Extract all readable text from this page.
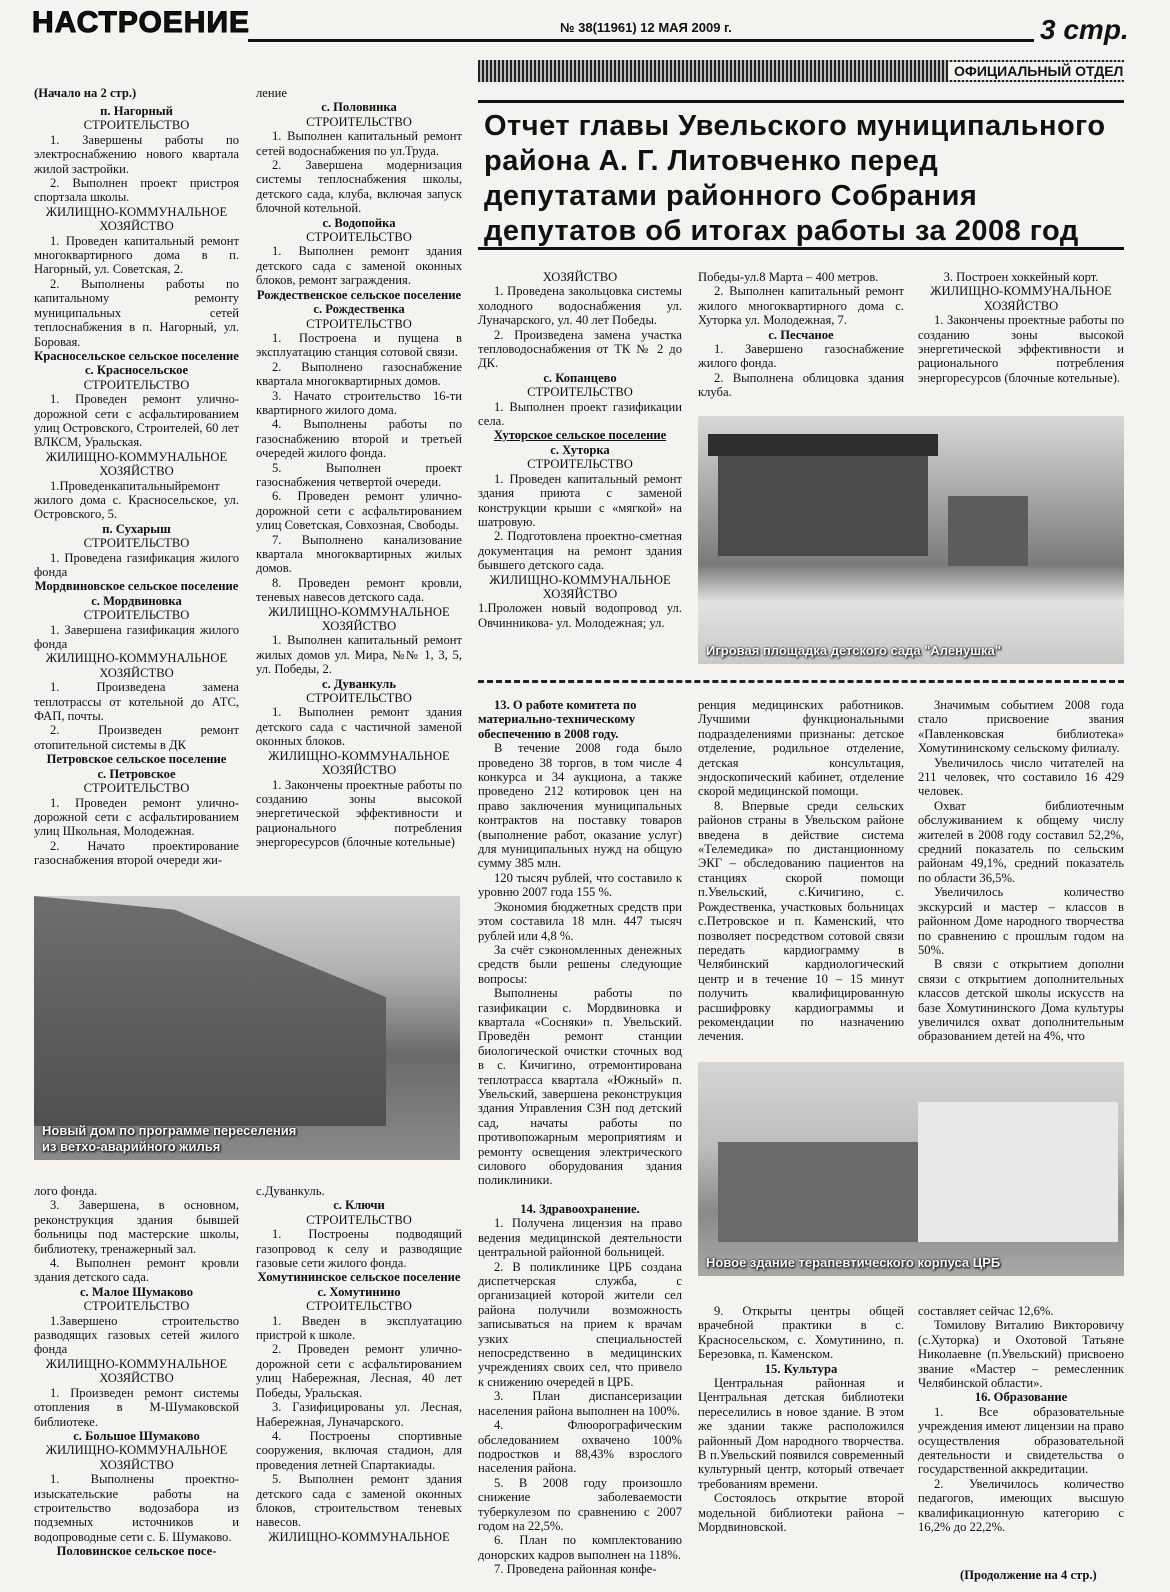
НАСТРОЕНИЕ	№ 38(11961) 12 МАЯ 2009 г.	3 стр.
ОФИЦИАЛЬНЫЙ ОТДЕЛ
Отчет главы Увельского муниципального района А. Г. Литовченко перед депутатами районного Собрания депутатов об итогах работы за 2008 год
(Начало на 2 стр.)

п. Нагорный

СТРОИТЕЛЬСТВО

1. Завершены работы по электроснабжению нового квартала жилой застройки.

2. Выполнен проект пристроя спортзала школы.

ЖИЛИЩНО-КОММУНАЛЬНОЕ ХОЗЯЙСТВО

1. Проведен капитальный ремонт многоквартирного дома в п. Нагорный, ул. Советская, 2.

2. Выполнены работы по капитальному ремонту муниципальных сетей теплоснабжения в п. Нагорный, ул. Боровая.

Красносельское сельское поселение

с. Красносельское

СТРОИТЕЛЬСТВО

1. Проведен ремонт улично-дорожной сети с асфальтированием улиц Островского, Строителей, 60 лет ВЛКСМ, Уральская.

ЖИЛИЩНО-КОММУНАЛЬНОЕ ХОЗЯЙСТВО

1.Проведенкапитальныйремонт жилого дома с. Красносельское, ул. Островского, 5.

п. Сухарыш

СТРОИТЕЛЬСТВО

1. Проведена газификация жилого фонда

Мордвиновское сельское поселение

с. Мордвиновка

СТРОИТЕЛЬСТВО

1. Завершена газификация жилого фонда

ЖИЛИЩНО-КОММУНАЛЬНОЕ ХОЗЯЙСТВО

1. Произведена замена теплотрассы от котельной до АТС, ФАП, почты.

2. Произведен ремонт отопительной системы в ДК

Петровское сельское поселение

с. Петровское

СТРОИТЕЛЬСТВО

1. Проведен ремонт улично-дорожной сети с асфальтированием улиц Школьная, Молодежная.

2. Начато проектирование газоснабжения второй очереди жи-

ление

с. Половинка

СТРОИТЕЛЬСТВО

1. Выполнен капитальный ремонт сетей водоснабжения по ул.Труда.

2. Завершена модернизация системы теплоснабжения школы, детского сада, клуба, включая запуск блочной котельной.

с. Водопойка

СТРОИТЕЛЬСТВО

1. Выполнен ремонт здания детского сада с заменой оконных блоков, ремонт заграждения.

Рождественское сельское поселение

с. Рождественка

СТРОИТЕЛЬСТВО

1. Построена и пущена в эксплуатацию станция сотовой связи.

2. Выполнено газоснабжение квартала многоквартирных домов.

3. Начато строительство 16-ти квартирного жилого дома.

4. Выполнены работы по газоснабжению второй и третьей очередей жилого фонда.

5. Выполнен проект газоснабжения четвертой очереди.

6. Проведен ремонт улично-дорожной сети с асфальтированием улиц Советская, Совхозная, Свободы.

7. Выполнено канализование квартала многоквартирных жилых домов.

8. Проведен ремонт кровли, теневых навесов детского сада.

ЖИЛИЩНО-КОММУНАЛЬНОЕ ХОЗЯЙСТВО

1. Выполнен капитальный ремонт жилых домов ул. Мира, №№ 1, 3, 5, ул. Победы, 2.

с. Дуванкуль

СТРОИТЕЛЬСТВО

1. Выполнен ремонт здания детского сада с частичной заменой оконных блоков.

ЖИЛИЩНО-КОММУНАЛЬНОЕ ХОЗЯЙСТВО

1. Закончены проектные работы по созданию зоны высокой энергетической эффективности и рационального потребления энергоресурсов (блочные котельные)

ХОЗЯЙСТВО

1. Проведена закольцовка системы холодного водоснабжения ул. Луначарского, ул. 40 лет Победы.

2. Произведена замена участка тепловодоснабжения от ТК № 2 до ДК.

с. Копанцево

СТРОИТЕЛЬСТВО

1. Выполнен проект газификации села.

Хуторское сельское поселение

с. Хуторка

СТРОИТЕЛЬСТВО

1. Проведен капитальный ремонт здания приюта с заменой конструкции крыши с «мягкой» на шатровую.

2. Подготовлена проектно-сметная документация на ремонт здания бывшего детского сада.

ЖИЛИЩНО-КОММУНАЛЬНОЕ ХОЗЯЙСТВО

1.Проложен новый водопровод ул. Овчинникова- ул. Молодежная; ул.

Победы-ул.8 Марта – 400 метров.

2. Выполнен капитальный ремонт жилого многоквартирного дома с. Хуторка ул. Молодежная, 7.

с. Песчаное

1. Завершено газоснабжение жилого фонда.

2. Выполнена облицовка здания клуба.

3. Построен хоккейный корт.

ЖИЛИЩНО-КОММУНАЛЬНОЕ ХОЗЯЙСТВО

1. Закончены проектные работы по созданию зоны высокой энергетической эффективности и рационального потребления энергоресурсов (блочные котельные).

Игровая площадка детского сада "Аленушка"

13. О работе комитета по материально-техническому обеспечению в 2008 году.

В течение 2008 года было проведено 38 торгов, в том числе 4 конкурса и 34 аукциона, а также проведено 212 котировок цен на право заключения муниципальных контрактов на поставку товаров (выполнение работ, оказание услуг) для муниципальных нужд на общую сумму 385 млн.

120 тысяч рублей, что составило к уровню 2007 года 155 %.

Экономия бюджетных средств при этом составила 18 млн. 447 тысяч рублей или 4,8 %.

За счёт сэкономленных денежных средств были решены следующие вопросы:

Выполнены работы по газификации с. Мордвиновка и квартала «Сосняки» п. Увельский. Проведён ремонт станции биологической очистки сточных вод в с. Кичигино, отремонтирована теплотрасса квартала «Южный» п. Увельский, завершена реконструкция здания Управления СЗН под детский сад, начаты работы по противопожарным мероприятиям и ремонту освещения электрического силового оборудования здания поликлиники.

ренция медицинских работников. Лучшими функциональными подразделениями признаны: детское отделение, родильное отделение, детская консультация, эндоскопический кабинет, отделение скорой медицинской помощи.

8. Впервые среди сельских районов страны в Увельском районе введена в действие система «Телемедика» по дистанционному ЭКГ – обследованию пациентов на станциях скорой помощи п.Увельский, с.Кичигино, с. Рождественка, участковых больницах с.Петровское и п. Каменский, что позволяет посредством сотовой связи передать кардиограмму в Челябинский кардиологический центр и в течение 10 – 15 минут получить квалифицированную расшифровку кардиограммы и рекомендации по назначению лечения.

Значимым событием 2008 года стало присвоение звания «Павленковская библиотека» Хомутининскому сельскому филиалу.

Увеличилось число читателей на 211 человек, что составило 16 429 человек.

Охват библиотечным обслуживанием к общему числу жителей в 2008 году составил 52,2%, средний показатель по сельским районам 49,1%, средний показатель по области 36,5%.

Увеличилось количество экскурсий и мастер – классов в районном Доме народного творчества по сравнению с прошлым годом на 50%.

В связи с открытием дополни связи с открытием дополнительных классов детской школы искусств на базе Хомутининского Дома культуры увеличился охват дополнительным образованием детей на 4%, что

Новый дом по программе переселения
из ветхо-аварийного жилья
Новое здание терапевтического корпуса ЦРБ

лого фонда.

3. Завершена, в основном, реконструкция здания бывшей больницы под мастерские школы, библиотеку, тренажерный зал.

4. Выполнен ремонт кровли здания детского сада.

с. Малое Шумаково

СТРОИТЕЛЬСТВО

1.Завершено строительство разводящих газовых сетей жилого фонда

ЖИЛИЩНО-КОММУНАЛЬНОЕ ХОЗЯЙСТВО

1. Произведен ремонт системы отопления в М-Шумаковской библиотеке.

с. Большое Шумаково

ЖИЛИЩНО-КОММУНАЛЬНОЕ ХОЗЯЙСТВО

1. Выполнены проектно-изыскательские работы на строительство водозабора из подземных источников и водопроводные сети с. Б. Шумаково.

Половинское сельское посе-

с.Дуванкуль.

с. Ключи

СТРОИТЕЛЬСТВО

1. Построены подводящий газопровод к селу и разводящие газовые сети жилого фонда.

Хомутининское сельское поселение

с. Хомутинино

СТРОИТЕЛЬСТВО

1. Введен в эксплуатацию пристрой к школе.

2. Проведен ремонт улично-дорожной сети с асфальтированием улиц Набережная, Лесная, 40 лет Победы, Уральская.

3. Газифицированы ул. Лесная, Набережная, Луначарского.

4. Построены спортивные сооружения, включая стадион, для проведения летней Спартакиады.

5. Выполнен ремонт здания детского сада с заменой оконных блоков, строительством теневых навесов.

ЖИЛИЩНО-КОММУНАЛЬНОЕ

14. Здравоохранение.

1. Получена лицензия на право ведения медицинской деятельности центральной районной больницей.

2. В поликлинике ЦРБ создана диспетчерская служба, с организацией которой жители сел района получили возможность записываться на прием к врачам узких специальностей непосредственно в медицинских учреждениях своих сел, что привело к снижению очередей в ЦРБ.

3. План диспансеризации населения района выполнен на 100%.

4. Флюорографическим обследованием охвачено 100% подростков и 88,43% взрослого населения района.

5. В 2008 году произошло снижение заболеваемости туберкулезом по сравнению с 2007 годом на 22,5%.

6. План по комплектованию донорских кадров выполнен на 118%.

7. Проведена районная конфе-

9. Открыты центры общей врачебной практики в с. Красносельском, с. Хомутинино, п. Березовка, п. Каменском.

15. Культура

Центральная районная и Центральная детская библиотеки переселились в новое здание. В этом же здании также расположился районный Дом народного творчества. В п.Увельский появился современный культурный центр, который отвечает требованиям времени.

Состоялось открытие второй модельной библиотеки района – Мордвиновской.

составляет сейчас 12,6%.

Томилову Виталию Викторовичу (с.Хуторка) и Охотовой Татьяне Николаевне (п.Увельский) присвоено звание «Мастер – ремесленник Челябинской области».

16. Образование

1. Все образовательные учреждения имеют лицензии на право осуществления образовательной деятельности и свидетельства о государственной аккредитации.

2. Увеличилось количество педагогов, имеющих высшую квалификационную категорию с 16,2% до 22,2%.

(Продолжение на 4 стр.)
